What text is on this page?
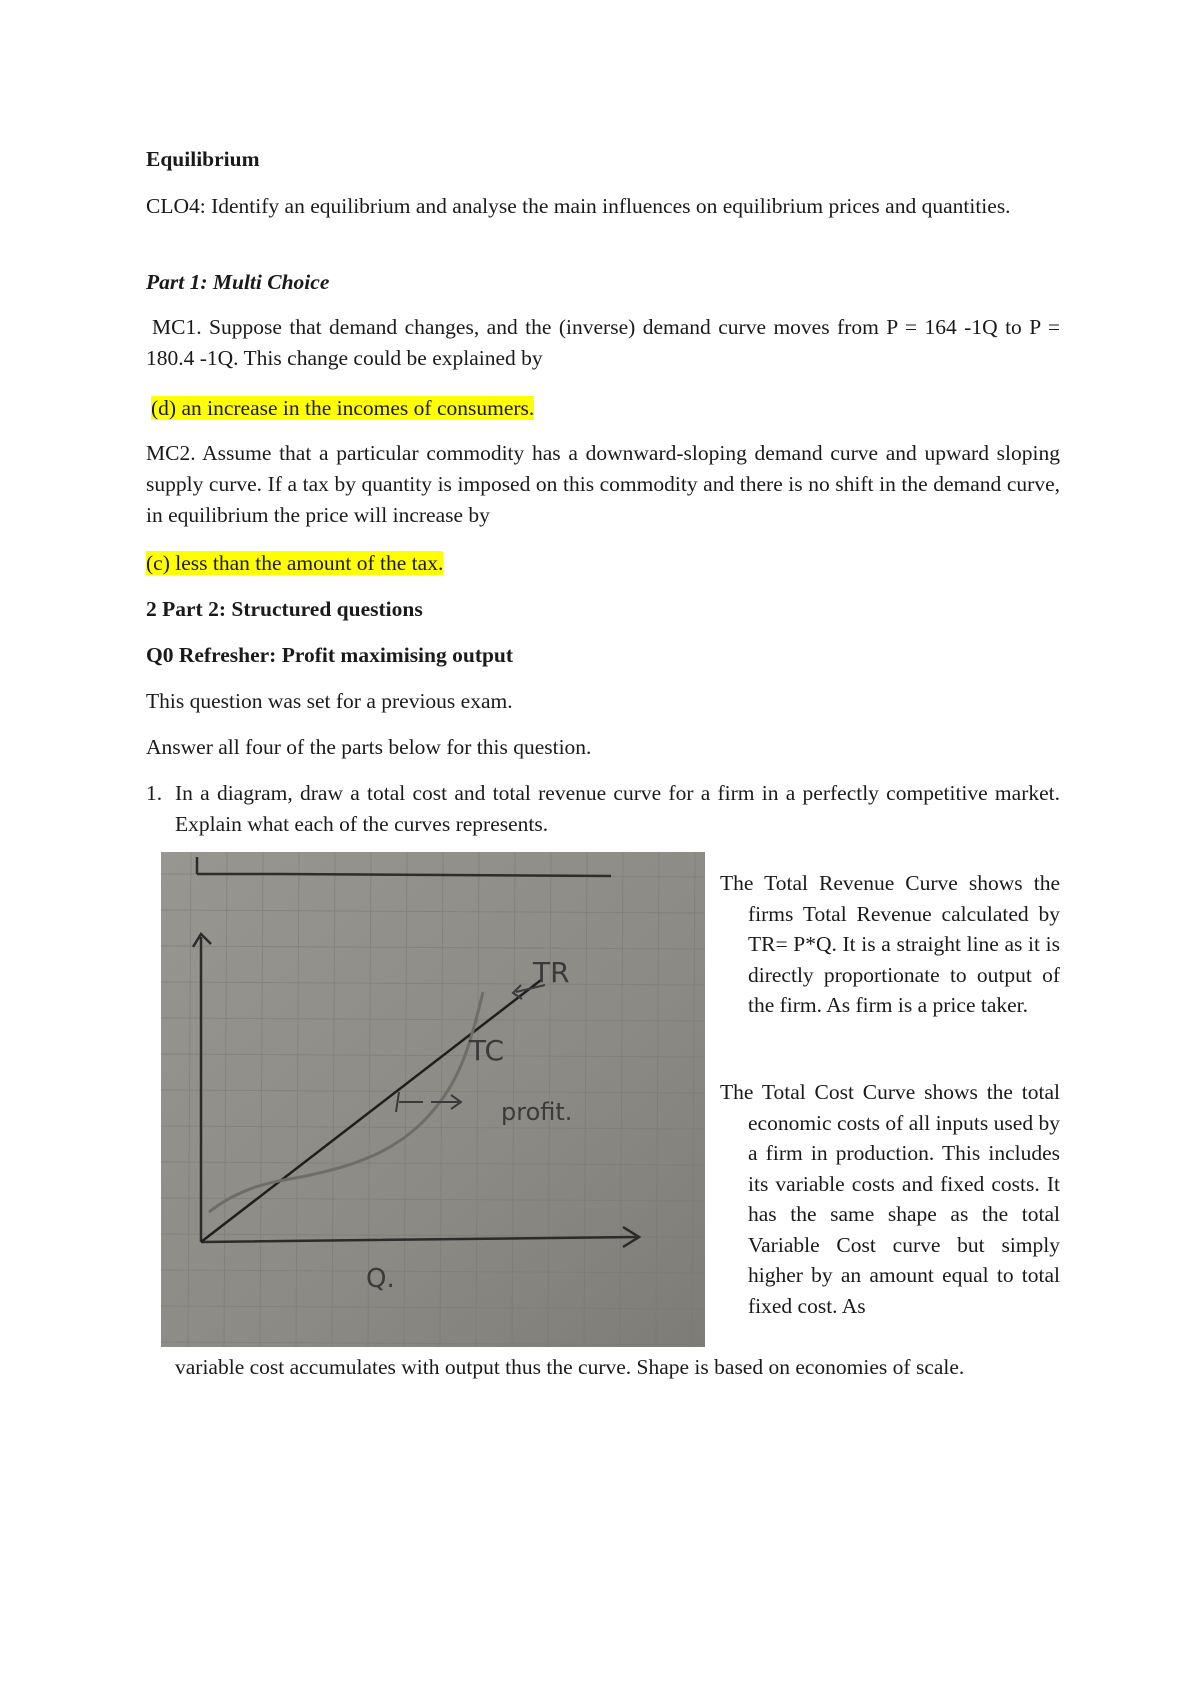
Equilibrium

CLO4: Identify an equilibrium and analyse the main influences on equilibrium prices and quantities.

Part 1: Multi Choice

MC1. Suppose that demand changes, and the (inverse) demand curve moves from P = 164 -1Q to P = 180.4 -1Q. This change could be explained by

(d) an increase in the incomes of consumers.

MC2. Assume that a particular commodity has a downward-sloping demand curve and upward sloping supply curve. If a tax by quantity is imposed on this commodity and there is no shift in the demand curve, in equilibrium the price will increase by

(c) less than the amount of the tax.

2 Part 2: Structured questions

Q0 Refresher: Profit maximising output

This question was set for a previous exam.

Answer all four of the parts below for this question.

1. In a diagram, draw a total cost and total revenue curve for a firm in a perfectly competitive market. Explain what each of the curves represents.

TR
TC
profit.
Q.

The Total Revenue Curve shows the firms Total Revenue calculated by TR= P*Q. It is a straight line as it is directly proportionate to output of the firm. As firm is a price taker.

The Total Cost Curve shows the total economic costs of all inputs used by a firm in production. This includes its variable costs and fixed costs. It has the same shape as the total Variable Cost curve but simply higher by an amount equal to total fixed cost. As

variable cost accumulates with output thus the curve. Shape is based on economies of scale.
